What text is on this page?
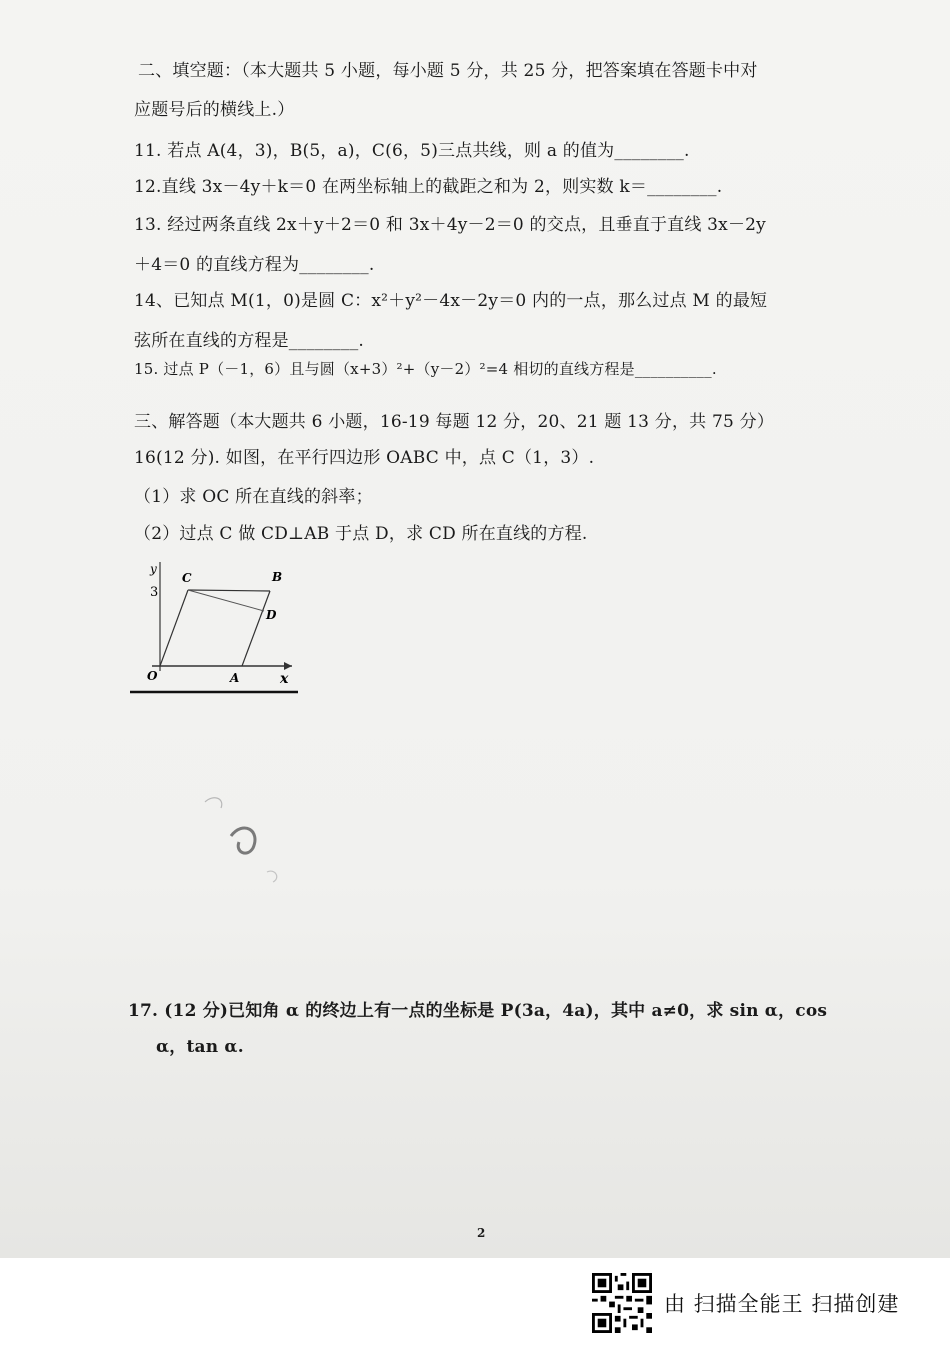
二、填空题：（本大题共 5 小题，每小题 5 分，共 25 分，把答案填在答题卡中对
应题号后的横线上.）
11. 若点 A(4，3)，B(5，a)，C(6，5)三点共线，则 a 的值为________.
12.直线 3x－4y＋k＝0 在两坐标轴上的截距之和为 2，则实数 k＝________.
13. 经过两条直线 2x＋y＋2＝0 和 3x＋4y－2＝0 的交点，且垂直于直线 3x－2y
＋4＝0 的直线方程为________.
14、已知点 M(1，0)是圆 C：x²＋y²－4x－2y＝0 内的一点，那么过点 M 的最短
弦所在直线的方程是________.
15. 过点 P（－1，6）且与圆（x+3）²+（y－2）²=4 相切的直线方程是__________.
三、解答题（本大题共 6 小题，16-19 每题 12 分，20、21 题 13 分，共 75 分）
16(12 分). 如图，在平行四边形 OABC 中，点 C（1，3）.
（1）求 OC 所在直线的斜率；
（2）过点 C 做 CD⊥AB 于点 D，求 CD 所在直线的方程.
y
3
C	B
D
O	A	x
17. (12 分)已知角 α 的终边上有一点的坐标是 P(3a，4a)，其中 a≠0，求 sin α，cos
α，tan α.
2
由 扫描全能王 扫描创建
